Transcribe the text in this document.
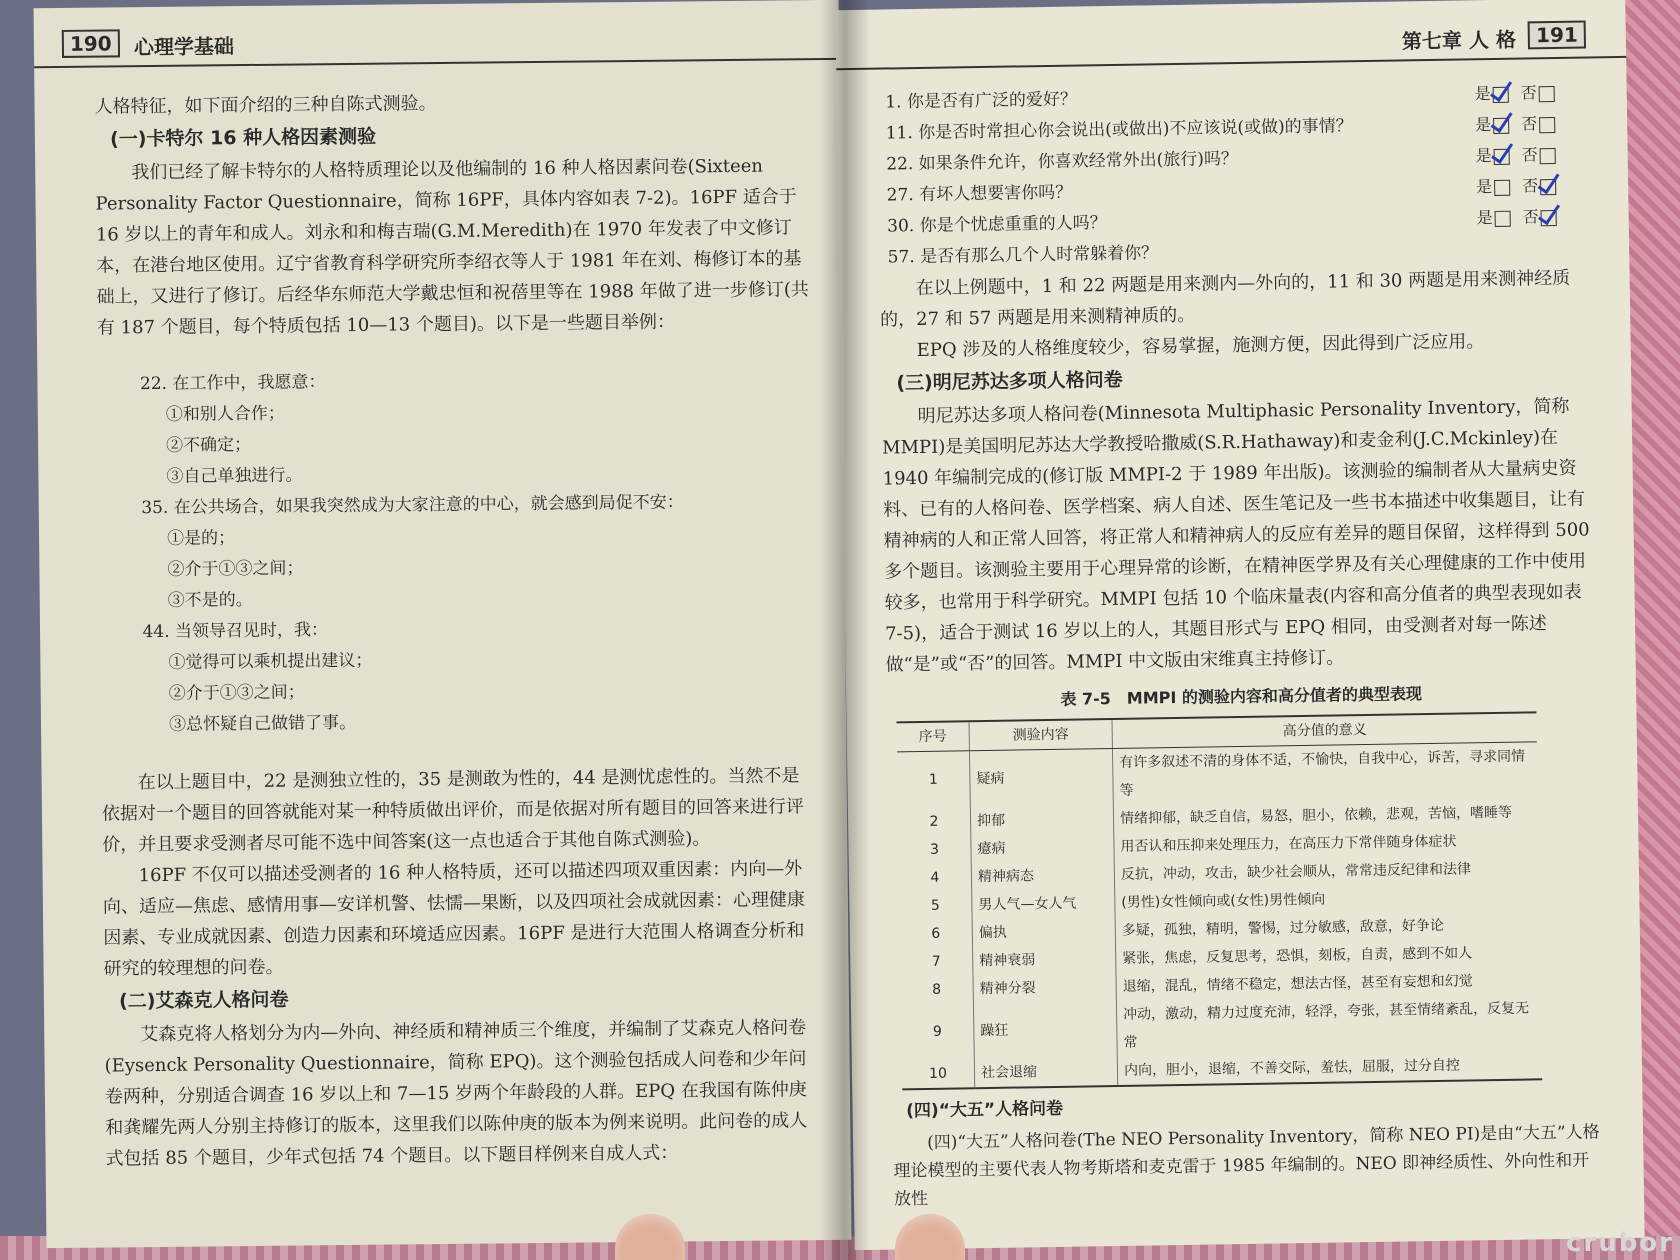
190	心理学基础

人格特征，如下面介绍的三种自陈式测验。

(一)卡特尔 16 种人格因素测验

我们已经了解卡特尔的人格特质理论以及他编制的 16 种人格因素问卷(Sixteen Personality Factor Questionnaire，简称 16PF，具体内容如表 7-2)。16PF 适合于 16 岁以上的青年和成人。刘永和和梅吉瑞(G.M.Meredith)在 1970 年发表了中文修订本，在港台地区使用。辽宁省教育科学研究所李绍衣等人于 1981 年在刘、梅修订本的基础上，又进行了修订。后经华东师范大学戴忠恒和祝蓓里等在 1988 年做了进一步修订(共有 187 个题目，每个特质包括 10—13 个题目)。以下是一些题目举例：

22. 在工作中，我愿意：

①和别人合作；

②不确定；

③自己单独进行。

35. 在公共场合，如果我突然成为大家注意的中心，就会感到局促不安：

①是的；

②介于①③之间；

③不是的。

44. 当领导召见时，我：

①觉得可以乘机提出建议；

②介于①③之间；

③总怀疑自己做错了事。

在以上题目中，22 是测独立性的，35 是测敢为性的，44 是测忧虑性的。当然不是依据对一个题目的回答就能对某一种特质做出评价，而是依据对所有题目的回答来进行评价，并且要求受测者尽可能不选中间答案(这一点也适合于其他自陈式测验)。

16PF 不仅可以描述受测者的 16 种人格特质，还可以描述四项双重因素：内向—外向、适应—焦虑、感情用事—安详机警、怯懦—果断，以及四项社会成就因素：心理健康因素、专业成就因素、创造力因素和环境适应因素。16PF 是进行大范围人格调查分析和研究的较理想的问卷。

(二)艾森克人格问卷

艾森克将人格划分为内—外向、神经质和精神质三个维度，并编制了艾森克人格问卷(Eysenck Personality Questionnaire，简称 EPQ)。这个测验包括成人问卷和少年问卷两种，分别适合调查 16 岁以上和 7—15 岁两个年龄段的人群。EPQ 在我国有陈仲庚和龚耀先两人分别主持修订的版本，这里我们以陈仲庚的版本为例来说明。此问卷的成人式包括 85 个题目，少年式包括 74 个题目。以下题目样例来自成人式：

第七章 人 格 191
1. 你是否有广泛的爱好？	是 否
11. 你是否时常担心你会说出(或做出)不应该说(或做)的事情？	是 否
22. 如果条件允许，你喜欢经常外出(旅行)吗？	是 否
27. 有坏人想要害你吗？	是 否
30. 你是个忧虑重重的人吗？	是 否
57. 是否有那么几个人时常躲着你？

在以上例题中，1 和 22 两题是用来测内—外向的，11 和 30 两题是用来测神经质的，27 和 57 两题是用来测精神质的。

EPQ 涉及的人格维度较少，容易掌握，施测方便，因此得到广泛应用。

(三)明尼苏达多项人格问卷

明尼苏达多项人格问卷(Minnesota Multiphasic Personality Inventory，简称 MMPI)是美国明尼苏达大学教授哈撒威(S.R.Hathaway)和麦金利(J.C.Mckinley)在 1940 年编制完成的(修订版 MMPI-2 于 1989 年出版)。该测验的编制者从大量病史资料、已有的人格问卷、医学档案、病人自述、医生笔记及一些书本描述中收集题目，让有精神病的人和正常人回答，将正常人和精神病人的反应有差异的题目保留，这样得到 500 多个题目。该测验主要用于心理异常的诊断，在精神医学界及有关心理健康的工作中使用较多，也常用于科学研究。MMPI 包括 10 个临床量表(内容和高分值者的典型表现如表 7-5)，适合于测试 16 岁以上的人，其题目形式与 EPQ 相同，由受测者对每一陈述做“是”或“否”的回答。MMPI 中文版由宋维真主持修订。

表 7-5　MMPI 的测验内容和高分值者的典型表现

序号	测验内容	高分值的意义
1	疑病	有许多叙述不清的身体不适，不愉快，自我中心，诉苦，寻求同情等
2	抑郁	情绪抑郁，缺乏自信，易怒，胆小，依赖，悲观，苦恼，嗜睡等
3	癔病	用否认和压抑来处理压力，在高压力下常伴随身体症状
4	精神病态	反抗，冲动，攻击，缺少社会顺从，常常违反纪律和法律
5	男人气—女人气	(男性)女性倾向或(女性)男性倾向
6	偏执	多疑，孤独，精明，警惕，过分敏感，敌意，好争论
7	精神衰弱	紧张，焦虑，反复思考，恐惧，刻板，自责，感到不如人
8	精神分裂	退缩，混乱，情绪不稳定，想法古怪，甚至有妄想和幻觉
9	躁狂	冲动，激动，精力过度充沛，轻浮，夸张，甚至情绪紊乱，反复无常
10	社会退缩	内向，胆小，退缩，不善交际，羞怯，屈服，过分自控

(四)“大五”人格问卷

(四)“大五”人格问卷(The NEO Personality Inventory，简称 NEO PI)是由“大五”人格理论模型的主要代表人物考斯塔和麦克雷于 1985 年编制的。NEO 即神经质性、外向性和开放性

crubor
